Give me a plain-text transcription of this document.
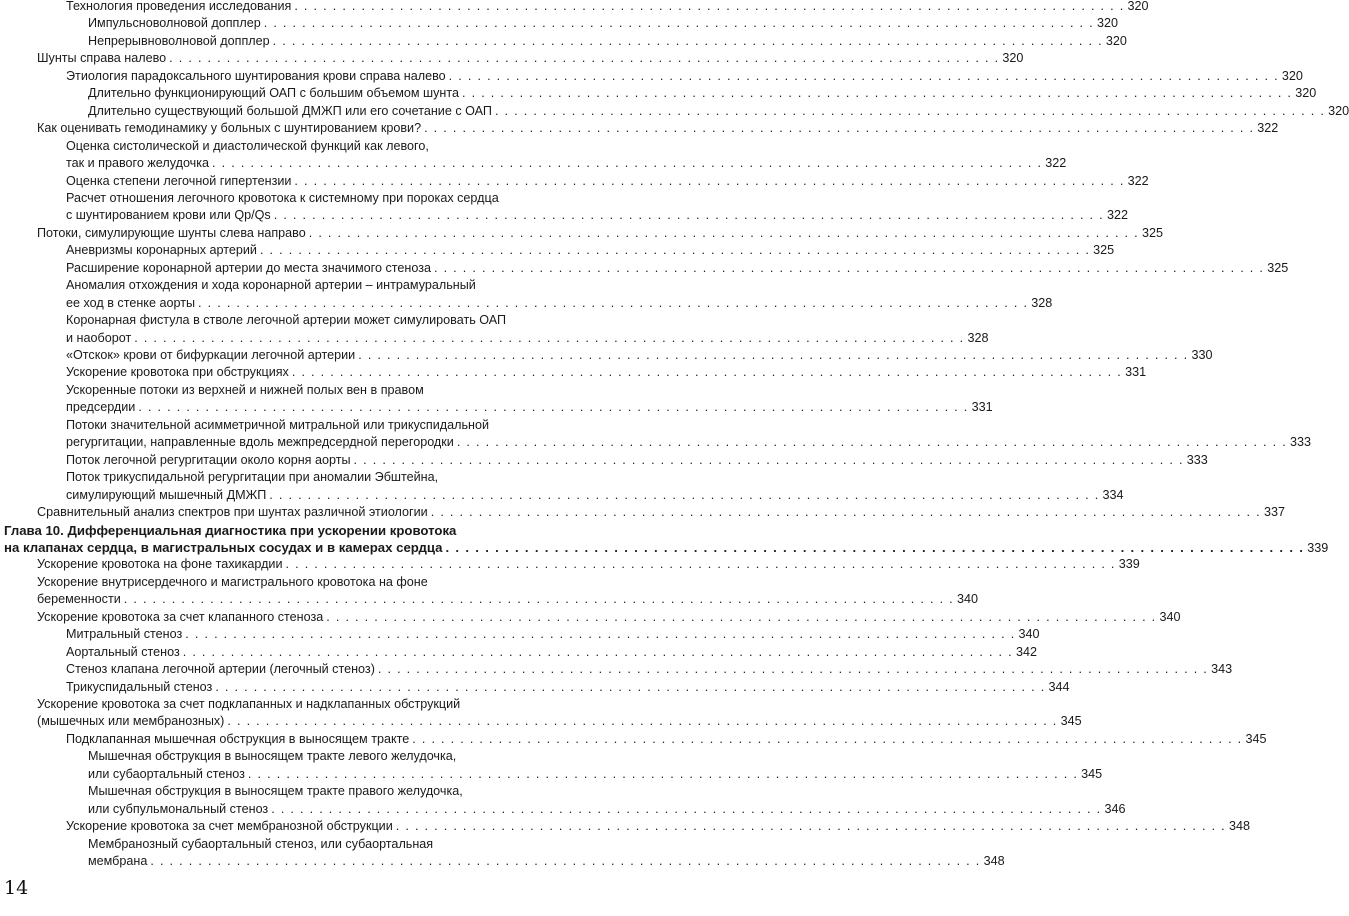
Технология проведения исследования . . . . . . . . . . . . . . . . . . . . . . . . . . . . . . . . . . . . . . . . . . . . . . . . . . . . . . . . . . . . . . . . . . . . . . . . . . . . . . . . . . . . . . . 320
Импульсноволновой допплер . . . . . . . . . . . . . . . . . . . . . . . . . . . . . . . . . . . . . . . . . . . . . . . . . . . . . . . . . . . . . . . . . . . . . . . . . . . . . . . . . . . . . . . 320
Непрерывноволновой допплер . . . . . . . . . . . . . . . . . . . . . . . . . . . . . . . . . . . . . . . . . . . . . . . . . . . . . . . . . . . . . . . . . . . . . . . . . . . . . . . . . . . . . . . 320
Шунты справа налево . . . . . . . . . . . . . . . . . . . . . . . . . . . . . . . . . . . . . . . . . . . . . . . . . . . . . . . . . . . . . . . . . . . . . . . . . . . . . . . . . . . . . . . 320
Этиология парадоксального шунтирования крови справа налево . . . . . . . . . . . . . . . . . . . . . . . . . . . . . . . . . . . . . . . . . . . . . . . . . . . . . . . . . . . . . . . . . . . . . . . . . . . . . . . . . . . . . . . 320
Длительно функционирующий ОАП с большим объемом шунта . . . . . . . . . . . . . . . . . . . . . . . . . . . . . . . . . . . . . . . . . . . . . . . . . . . . . . . . . . . . . . . . . . . . . . . . . . . . . . . . . . . . . . . 320
Длительно существующий большой ДМЖП или его сочетание с ОАП . . . . . . . . . . . . . . . . . . . . . . . . . . . . . . . . . . . . . . . . . . . . . . . . . . . . . . . . . . . . . . . . . . . . . . . . . . . . . . . . . . . . . . . 320
Как оценивать гемодинамику у больных с шунтированием крови? . . . . . . . . . . . . . . . . . . . . . . . . . . . . . . . . . . . . . . . . . . . . . . . . . . . . . . . . . . . . . . . . . . . . . . . . . . . . . . . . . . . . . . . 322
Оценка систолической и диастолической функций как левого,
так и правого желудочка . . . . . . . . . . . . . . . . . . . . . . . . . . . . . . . . . . . . . . . . . . . . . . . . . . . . . . . . . . . . . . . . . . . . . . . . . . . . . . . . . . . . . . . 322
Оценка степени легочной гипертензии . . . . . . . . . . . . . . . . . . . . . . . . . . . . . . . . . . . . . . . . . . . . . . . . . . . . . . . . . . . . . . . . . . . . . . . . . . . . . . . . . . . . . . . 322
Расчет отношения легочного кровотока к системному при пороках сердца
с шунтированием крови или Qp/Qs . . . . . . . . . . . . . . . . . . . . . . . . . . . . . . . . . . . . . . . . . . . . . . . . . . . . . . . . . . . . . . . . . . . . . . . . . . . . . . . . . . . . . . . 322
Потоки, симулирующие шунты слева направо . . . . . . . . . . . . . . . . . . . . . . . . . . . . . . . . . . . . . . . . . . . . . . . . . . . . . . . . . . . . . . . . . . . . . . . . . . . . . . . . . . . . . . . 325
Аневризмы коронарных артерий . . . . . . . . . . . . . . . . . . . . . . . . . . . . . . . . . . . . . . . . . . . . . . . . . . . . . . . . . . . . . . . . . . . . . . . . . . . . . . . . . . . . . . . 325
Расширение коронарной артерии до места значимого стеноза . . . . . . . . . . . . . . . . . . . . . . . . . . . . . . . . . . . . . . . . . . . . . . . . . . . . . . . . . . . . . . . . . . . . . . . . . . . . . . . . . . . . . . . 325
Аномалия отхождения и хода коронарной артерии – интрамуральный
ее ход в стенке аорты . . . . . . . . . . . . . . . . . . . . . . . . . . . . . . . . . . . . . . . . . . . . . . . . . . . . . . . . . . . . . . . . . . . . . . . . . . . . . . . . . . . . . . . 328
Коронарная фистула в стволе легочной артерии может симулировать ОАП
и наоборот . . . . . . . . . . . . . . . . . . . . . . . . . . . . . . . . . . . . . . . . . . . . . . . . . . . . . . . . . . . . . . . . . . . . . . . . . . . . . . . . . . . . . . . 328
«Отскок» крови от бифуркации легочной артерии . . . . . . . . . . . . . . . . . . . . . . . . . . . . . . . . . . . . . . . . . . . . . . . . . . . . . . . . . . . . . . . . . . . . . . . . . . . . . . . . . . . . . . . 330
Ускорение кровотока при обструкциях . . . . . . . . . . . . . . . . . . . . . . . . . . . . . . . . . . . . . . . . . . . . . . . . . . . . . . . . . . . . . . . . . . . . . . . . . . . . . . . . . . . . . . . 331
Ускоренные потоки из верхней и нижней полых вен в правом
предсердии . . . . . . . . . . . . . . . . . . . . . . . . . . . . . . . . . . . . . . . . . . . . . . . . . . . . . . . . . . . . . . . . . . . . . . . . . . . . . . . . . . . . . . . 331
Потоки значительной асимметричной митральной или трикуспидальной
регургитации, направленные вдоль межпредсердной перегородки . . . . . . . . . . . . . . . . . . . . . . . . . . . . . . . . . . . . . . . . . . . . . . . . . . . . . . . . . . . . . . . . . . . . . . . . . . . . . . . . . . . . . . . 333
Поток легочной регургитации около корня аорты . . . . . . . . . . . . . . . . . . . . . . . . . . . . . . . . . . . . . . . . . . . . . . . . . . . . . . . . . . . . . . . . . . . . . . . . . . . . . . . . . . . . . . . 333
Поток трикуспидальной регургитации при аномалии Эбштейна,
симулирующий мышечный ДМЖП . . . . . . . . . . . . . . . . . . . . . . . . . . . . . . . . . . . . . . . . . . . . . . . . . . . . . . . . . . . . . . . . . . . . . . . . . . . . . . . . . . . . . . . 334
Сравнительный анализ спектров при шунтах различной этиологии . . . . . . . . . . . . . . . . . . . . . . . . . . . . . . . . . . . . . . . . . . . . . . . . . . . . . . . . . . . . . . . . . . . . . . . . . . . . . . . . . . . . . . . 337
Глава 10. Дифференциальная диагностика при ускорении кровотока
на клапанах сердца, в магистральных сосудах и в камерах сердца . . . . . . . . . . . . . . . . . . . . . . . . . . . . . . . . . . . . . . . . . . . . . . . . . . . . . . . . . . . . . . . . . . . . . . . . . . . . . . . . . . . . . . . 339
Ускорение кровотока на фоне тахикардии . . . . . . . . . . . . . . . . . . . . . . . . . . . . . . . . . . . . . . . . . . . . . . . . . . . . . . . . . . . . . . . . . . . . . . . . . . . . . . . . . . . . . . . 339
Ускорение внутрисердечного и магистрального кровотока на фоне
беременности . . . . . . . . . . . . . . . . . . . . . . . . . . . . . . . . . . . . . . . . . . . . . . . . . . . . . . . . . . . . . . . . . . . . . . . . . . . . . . . . . . . . . . . 340
Ускорение кровотока за счет клапанного стеноза . . . . . . . . . . . . . . . . . . . . . . . . . . . . . . . . . . . . . . . . . . . . . . . . . . . . . . . . . . . . . . . . . . . . . . . . . . . . . . . . . . . . . . . 340
Митральный стеноз . . . . . . . . . . . . . . . . . . . . . . . . . . . . . . . . . . . . . . . . . . . . . . . . . . . . . . . . . . . . . . . . . . . . . . . . . . . . . . . . . . . . . . . 340
Аортальный стеноз . . . . . . . . . . . . . . . . . . . . . . . . . . . . . . . . . . . . . . . . . . . . . . . . . . . . . . . . . . . . . . . . . . . . . . . . . . . . . . . . . . . . . . . 342
Стеноз клапана легочной артерии (легочный стеноз) . . . . . . . . . . . . . . . . . . . . . . . . . . . . . . . . . . . . . . . . . . . . . . . . . . . . . . . . . . . . . . . . . . . . . . . . . . . . . . . . . . . . . . . 343
Трикуспидальный стеноз . . . . . . . . . . . . . . . . . . . . . . . . . . . . . . . . . . . . . . . . . . . . . . . . . . . . . . . . . . . . . . . . . . . . . . . . . . . . . . . . . . . . . . . 344
Ускорение кровотока за счет подклапанных и надклапанных обструкций
(мышечных или мембранозных) . . . . . . . . . . . . . . . . . . . . . . . . . . . . . . . . . . . . . . . . . . . . . . . . . . . . . . . . . . . . . . . . . . . . . . . . . . . . . . . . . . . . . . . 345
Подклапанная мышечная обструкция в выносящем тракте . . . . . . . . . . . . . . . . . . . . . . . . . . . . . . . . . . . . . . . . . . . . . . . . . . . . . . . . . . . . . . . . . . . . . . . . . . . . . . . . . . . . . . . 345
Мышечная обструкция в выносящем тракте левого желудочка,
или субаортальный стеноз . . . . . . . . . . . . . . . . . . . . . . . . . . . . . . . . . . . . . . . . . . . . . . . . . . . . . . . . . . . . . . . . . . . . . . . . . . . . . . . . . . . . . . . 345
Мышечная обструкция в выносящем тракте правого желудочка,
или субпульмональный стеноз . . . . . . . . . . . . . . . . . . . . . . . . . . . . . . . . . . . . . . . . . . . . . . . . . . . . . . . . . . . . . . . . . . . . . . . . . . . . . . . . . . . . . . . 346
Ускорение кровотока за счет мембранозной обструкции . . . . . . . . . . . . . . . . . . . . . . . . . . . . . . . . . . . . . . . . . . . . . . . . . . . . . . . . . . . . . . . . . . . . . . . . . . . . . . . . . . . . . . . 348
Мембранозный субаортальный стеноз, или субаортальная
мембрана . . . . . . . . . . . . . . . . . . . . . . . . . . . . . . . . . . . . . . . . . . . . . . . . . . . . . . . . . . . . . . . . . . . . . . . . . . . . . . . . . . . . . . . 348
14
